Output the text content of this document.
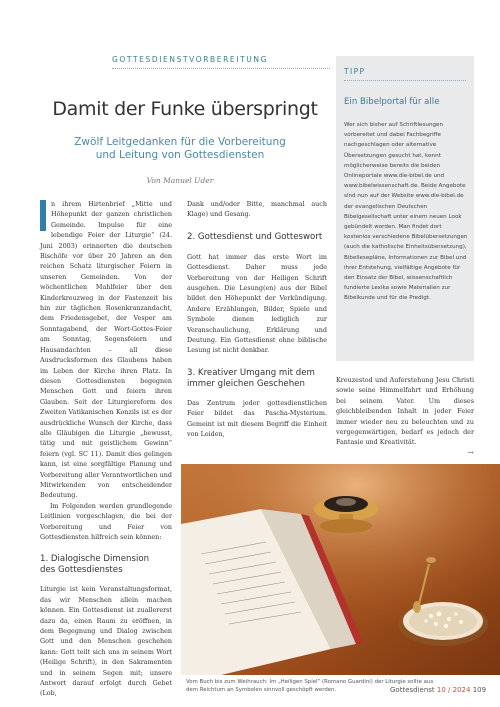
GOTTESDIENSTVORBEREITUNG
Damit der Funke überspringt
Zwölf Leitgedanken für die Vorbereitung
und Leitung von Gottesdiensten
Von Manuel Uder

n ihrem Hirtenbrief „Mitte und Höhepunkt der ganzen christlichen Gemeinde. Impulse für eine lebendige Feier der Liturgie“ (24. Juni 2003) erinnerten die deutschen Bischöfe vor über 20 Jahren an den reichen Schatz liturgischer Feiern in unseren Gemeinden. Von der wöchentlichen Mahlfeier über den Kinderkreuzweg in der Fastenzeit bis hin zur täglichen Rosenkranzandacht, dem Friedensgebet, der Vesper am Sonntagabend, der Wort-Gottes-Feier am Sonntag, Segensfeiern und Hausandachten – all diese Ausdrucksformen des Glaubens haben im Leben der Kirche ihren Platz. In diesen Gottesdiensten begegnen Menschen Gott und feiern ihren Glauben. Seit der Liturgiereform des Zweiten Vatikanischen Konzils ist es der ausdrückliche Wunsch der Kirche, dass alle Gläubigen die Liturgie „bewusst, tätig und mit geistlichem Gewinn“ feiern (vgl. SC 11). Damit dies gelingen kann, ist eine sorgfältige Planung und Vorbereitung aller Verantwortlichen und Mitwirkenden von entscheidender Bedeutung.

Im Folgenden werden grundlegende Leitlinien vorgeschlagen, die bei der Vorbereitung und Feier von Gottesdiensten hilfreich sein können:

1. Dialogische Dimension
des Gottesdienstes

Liturgie ist kein Veranstaltungsformat, das wir Menschen allein machen können. Ein Gottesdienst ist zuallererst dazu da, einen Raum zu eröffnen, in dem Begegnung und Dialog zwischen Gott und den Menschen geschehen kann: Gott teilt sich uns in seinem Wort (Heilige Schrift), in den Sakramenten und in seinem Segen mit; unsere Antwort darauf erfolgt durch Gebet (Lob,

Dank und/oder Bitte, manchmal auch Klage) und Gesang.

2. Gottesdienst und Gotteswort

Gott hat immer das erste Wort im Gottesdienst. Daher muss jede Vorbereitung von der Heiligen Schrift ausgehen. Die Lesung(en) aus der Bibel bildet den Höhepunkt der Verkündigung. Andere Erzählungen, Bilder, Spiele und Symbole dienen lediglich zur Veranschaulichung, Erklärung und Deutung. Ein Gottesdienst ohne biblische Lesung ist nicht denkbar.

3. Kreativer Umgang mit dem
immer gleichen Geschehen

Das Zentrum jeder gottesdienstlichen Feier bildet das Pascha-Mysterium. Gemeint ist mit diesem Begriff die Einheit von Leiden,

Kreuzestod und Auferstehung Jesu Christi sowie seine Himmelfahrt und Erhöhung bei seinem Vater. Um dieses gleichbleibenden Inhalt in jeder Feier immer wieder neu zu beleuchten und zu vergegenwärtigen, bedarf es jedoch der Fantasie und Kreativität.

→
TIPP
Ein Bibelportal für alle
Wer sich bisher auf Schriftlesungen vorbereitet und dabei Fachbegriffe nachgeschlagen oder alternative Übersetzungen gesucht hat, kennt möglicherweise bereits die beiden Onlineportale www.die-bibel.de und www.bibelwissenschaft.de. Beide Angebote sind nun auf der Website www.die-bibel.de der evangelischen Deutschen Bibelgesellschaft unter einem neuen Look gebündelt worden. Man findet dort kostenlos verschiedene Bibelübersetzungen (auch die katholische Einheitsübersetzung), Bibellesepläne, Informationen zur Bibel und ihrer Entstehung, vielfältige Angebote für den Einsatz der Bibel, wissenschaftlich fundierte Lexika sowie Materialien zur Bibelkunde und für die Predigt.
Vom Buch bis zum Weihrauch: Im „Heiligen Spiel“ (Romano Guardini) der Liturgie sollte aus dem Reichtum an Symbolen sinnvoll geschöpft werden.	Gottesdienst 10 / 2024 109
